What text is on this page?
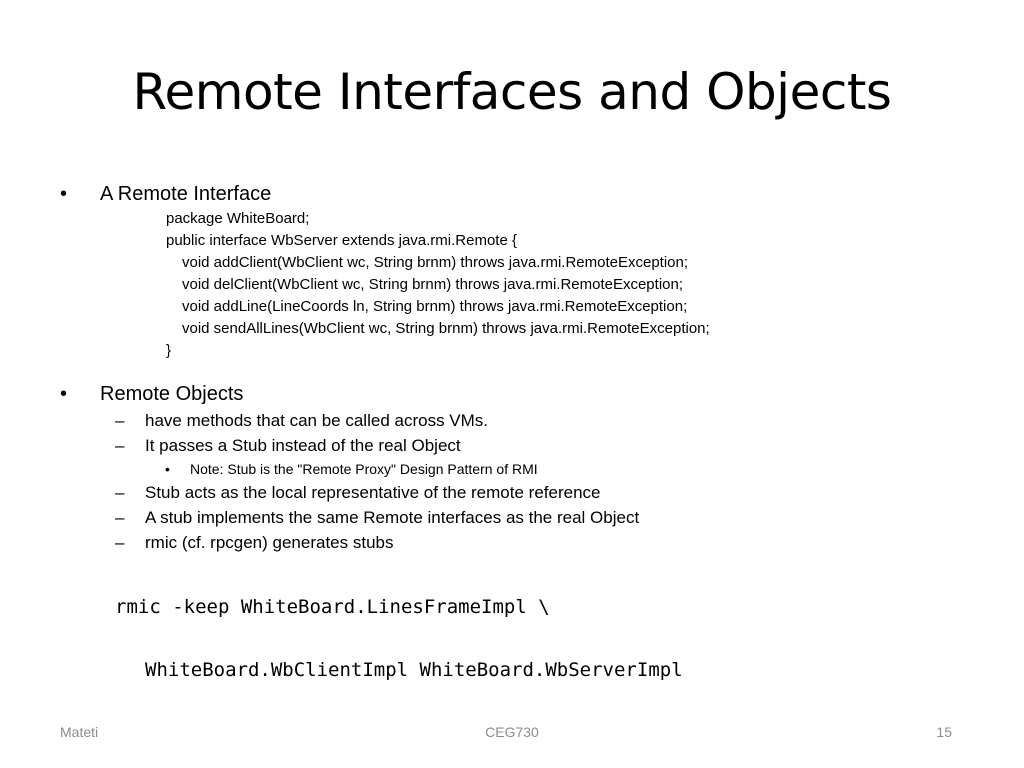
Remote Interfaces and Objects
• A Remote Interface
package WhiteBoard;
public interface WbServer extends java.rmi.Remote {
void addClient(WbClient wc, String brnm) throws java.rmi.RemoteException;
void delClient(WbClient wc, String brnm) throws java.rmi.RemoteException;
void addLine(LineCoords ln, String brnm) throws java.rmi.RemoteException;
void sendAllLines(WbClient wc, String brnm) throws java.rmi.RemoteException;
}
• Remote Objects
– have methods that can be called across VMs.
– It passes a Stub instead of the real Object
• Note: Stub is the "Remote Proxy" Design Pattern of RMI
– Stub acts as the local representative of the remote reference
– A stub implements the same Remote interfaces as the real Object
– rmic (cf. rpcgen) generates stubs

rmic -keep WhiteBoard.LinesFrameImpl \

WhiteBoard.WbClientImpl WhiteBoard.WbServerImpl

Mateti	CEG730	15
